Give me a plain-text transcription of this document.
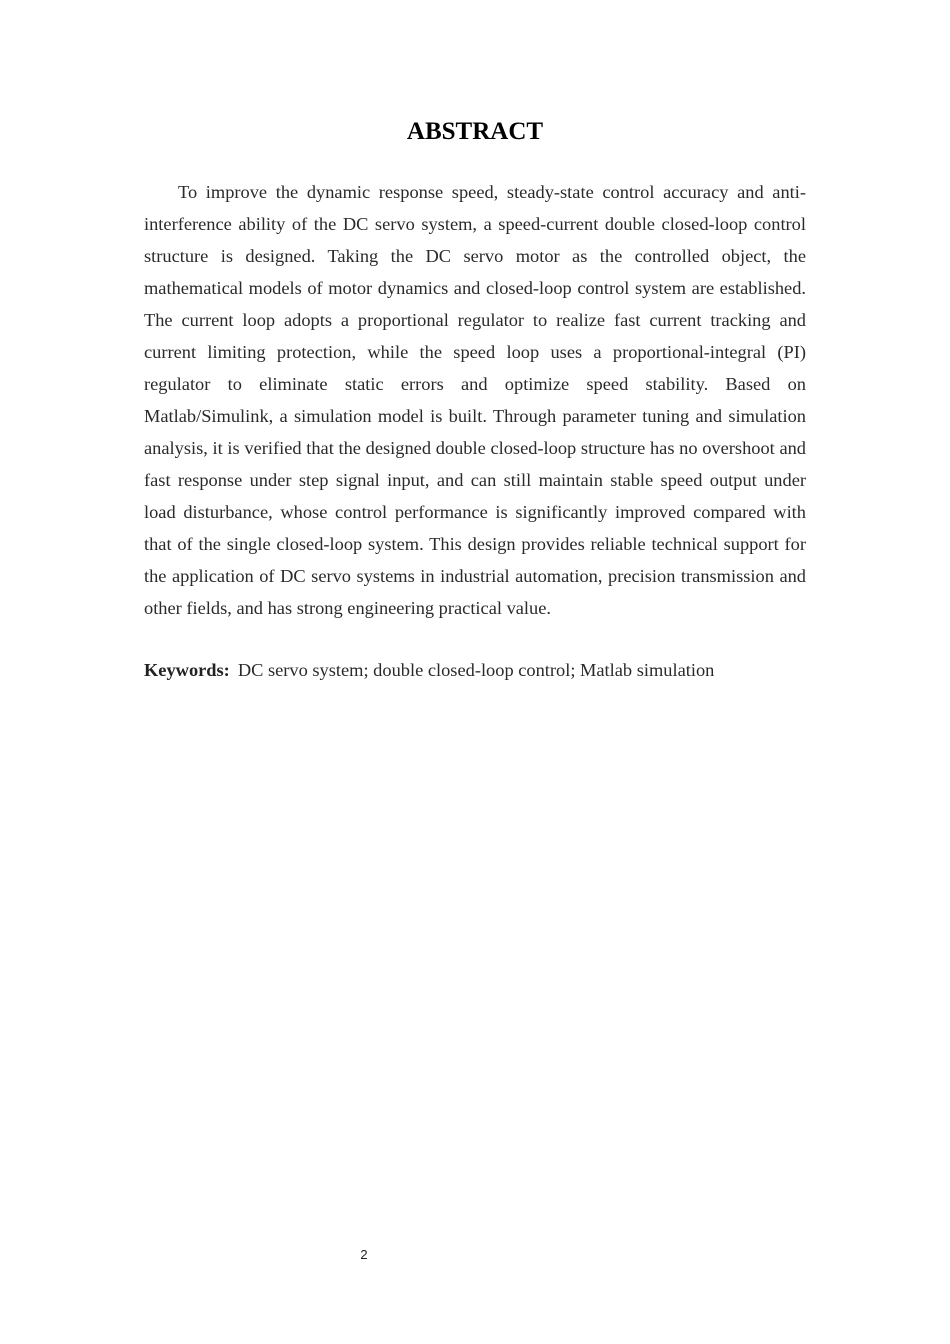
ABSTRACT

To improve the dynamic response speed, steady-state control accuracy and anti-interference ability of the DC servo system, a speed-current double closed-loop control structure is designed. Taking the DC servo motor as the controlled object, the mathematical models of motor dynamics and closed-loop control system are established. The current loop adopts a proportional regulator to realize fast current tracking and current limiting protection, while the speed loop uses a proportional-integral (PI) regulator to eliminate static errors and optimize speed stability. Based on Matlab/Simulink, a simulation model is built. Through parameter tuning and simulation analysis, it is verified that the designed double closed-loop structure has no overshoot and fast response under step signal input, and can still maintain stable speed output under load disturbance, whose control performance is significantly improved compared with that of the single closed-loop system. This design provides reliable technical support for the application of DC servo systems in industrial automation, precision transmission and other fields, and has strong engineering practical value.

Keywords: DC servo system; double closed-loop control; Matlab simulation

2
